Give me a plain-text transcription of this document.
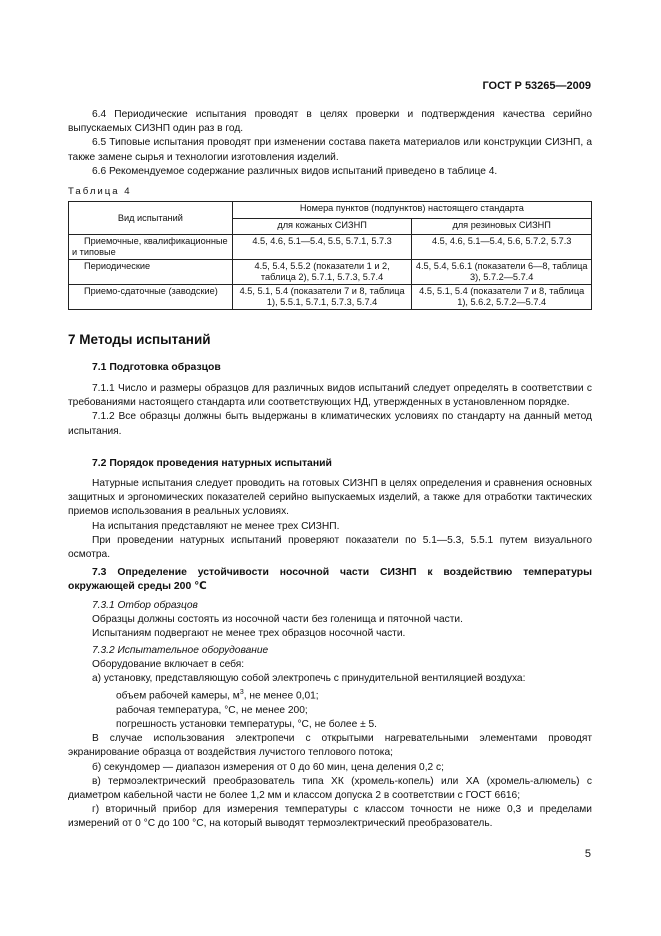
ГОСТ Р 53265—2009

6.4 Периодические испытания проводят в целях проверки и подтверждения качества серийно выпускаемых СИЗНП один раз в год.

6.5 Типовые испытания проводят при изменении состава пакета материалов или конструкции СИЗНП, а также замене сырья и технологии изготовления изделий.

6.6 Рекомендуемое содержание различных видов испытаний приведено в таблице 4.

Таблица 4
Вид испытаний	Номера пунктов (подпунктов) настоящего стандарта	
	для кожаных СИЗНП	для резиновых СИЗНП
Приемочные, квалификационные и типовые	4.5, 4.6, 5.1—5.4, 5.5, 5.7.1, 5.7.3	4.5, 4.6, 5.1—5.4, 5.6, 5.7.2, 5.7.3
Периодические	4.5, 5.4, 5.5.2 (показатели 1 и 2, таблица 2), 5.7.1, 5.7.3, 5.7.4	4.5, 5.4, 5.6.1 (показатели 6—8, таблица 3), 5.7.2—5.7.4
Приемо-сдаточные (заводские)	4.5, 5.1, 5.4 (показатели 7 и 8, таблица 1), 5.5.1, 5.7.1, 5.7.3, 5.7.4	4.5, 5.1, 5.4 (показатели 7 и 8, таблица 1), 5.6.2, 5.7.2—5.7.4
7 Методы испытаний
7.1 Подготовка образцов

7.1.1 Число и размеры образцов для различных видов испытаний следует определять в соответствии с требованиями настоящего стандарта или соответствующих НД, утвержденных в установленном порядке.

7.1.2 Все образцы должны быть выдержаны в климатических условиях по стандарту на данный метод испытания.

7.2 Порядок проведения натурных испытаний

Натурные испытания следует проводить на готовых СИЗНП в целях определения и сравнения основных защитных и эргономических показателей серийно выпускаемых изделий, а также для отработки тактических приемов использования в реальных условиях.

На испытания представляют не менее трех СИЗНП.

При проведении натурных испытаний проверяют показатели по 5.1—5.3, 5.5.1 путем визуального осмотра.

7.3 Определение устойчивости носочной части СИЗНП к воздействию температуры окружающей среды 200 ℃

7.3.1 Отбор образцов

Образцы должны состоять из носочной части без голенища и пяточной части.

Испытаниям подвергают не менее трех образцов носочной части.

7.3.2 Испытательное оборудование

Оборудование включает в себя:

а) установку, представляющую собой электропечь с принудительной вентиляцией воздуха:

объем рабочей камеры, $м^3$, не менее 0,01;

рабочая температура, °С, не менее 200;

погрешность установки температуры, °С, не более ± 5.

В случае использования электропечи с открытыми нагревательными элементами проводят экранирование образца от воздействия лучистого теплового потока;

б) секундомер — диапазон измерения от 0 до 60 мин, цена деления 0,2 с;

в) термоэлектрический преобразователь типа ХК (хромель-копель) или ХА (хромель-алюмель) с диаметром кабельной части не более 1,2 мм и классом допуска 2 в соответствии с ГОСТ 6616;

г) вторичный прибор для измерения температуры с классом точности не ниже 0,3 и пределами измерений от 0 °С до 100 °С, на который выводят термоэлектрический преобразователь.

5
